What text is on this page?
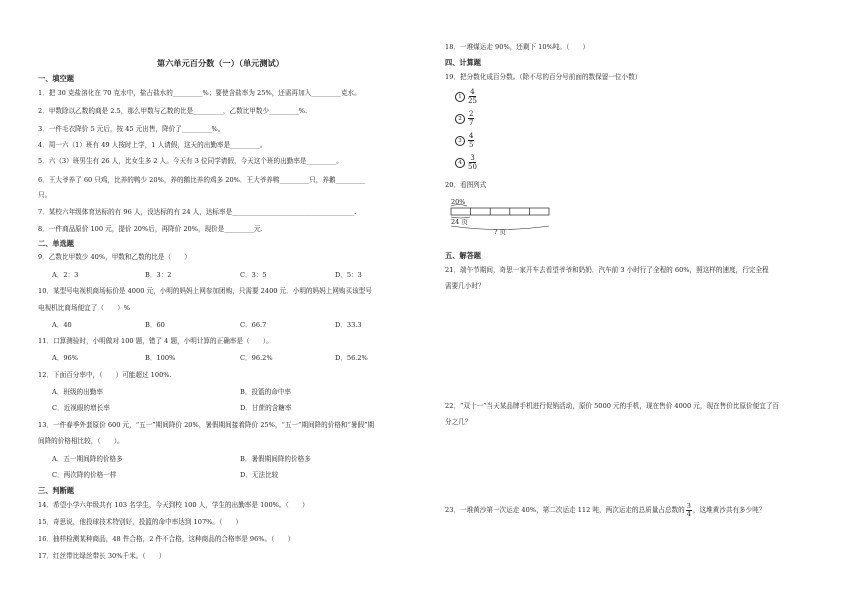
第六单元百分数（一）（单元测试）
一、填空题
1．把 30 克盐溶化在 70 克水中，盐占盐水的_________%；要使含盐率为 25%，还需再加入_________克水。
2．甲数除以乙数的商是 2.5，那么甲数与乙数的比是_________，乙数比甲数少_________%.
3．一件毛衣降价 5 元后，按 45 元出售，降价了_________%。
4．周一六（1）班有 49 人按时上学，1 人请假，这天的出勤率是_________。
5．六（3）班男生有 26 人，比女生多 2 人。今天有 3 位同学请假，今天这个班的出勤率是_________。
6．王大爷养了 60 只鸡，比养的鸭少 20%，养的鹅比养的鸡多 20%．王大爷养鸭_________只，养鹅_________
只。
7．某校六年级体育达标的有 96 人，没达标的有 24 人，达标率是_____________________________________.
8．一件商品原价 100 元，提价 20%后，再降价 20%，现价是_________元.
二、单选题
9．乙数比甲数少 40%，甲数和乙数的比是（　　）
A．2：3	B．3：2	C．3：5	D．5：3
10．某型号电视机商场标价是 4000 元，小明的妈妈上网参加团购，只需要 2400 元．小明的妈妈上网购买该型号
电视机比商场便宜了（　　）%
A．40	B．60	C．66.7	D．33.3
11．口算测验时，小明做对 100 题，错了 4 题，小明计算的正确率是（　　）。
A．96%	B．100%	C．96.2%	D．56.2%
12．下面百分率中，（　　）可能超过 100%.
A．班级的出勤率	B．投篮的命中率
C．近视眼的增长率	D．甘蔗的含糖率
13．一件春季外套原价 600 元，“五一”期间降价 20%，暑假期间接着降价 25%，“五一”期间降的价格和“暑假”期
间降的价格相比较，（　　）。
A．五一期间降的价格多	B．暑假期间降的价格多
C．两次降的价格一样	D．无法比较
三、判断题
14．希望小学六年级共有 103 名学生，今天到校 100 人，学生的出勤率是 100%。（　　）
15．奇思说，他投球技术特别好，投篮的命中率达到 107%。（　　）
16．抽样检测某种商品，48 件合格，2 件不合格，这种商品的合格率是 96%。（　　）
17．红丝带比绿丝带长 30%千米。（　　）
18．一堆煤运走 90%，还剩下 10%吨。（　　）
四、计算题
19．把分数化成百分数。（除不尽的百分号前面的数保留一位小数）
$1 \frac{4}{25}$
$2 \frac{2}{7}$
$3 \frac{4}{5}$
$4 \frac{3}{50}$
20．看图列式
20%
24 页
? 页
五、解答题
21．端午节期间，奇思一家开车去看望爷爷和奶奶．汽车前 3 小时行了全程的 60%，照这样的速度，行完全程
需要几小时？
22．“双十一”当天某品牌手机进行促销活动，原价 5000 元的手机，现在售价 4000 元，现在售价比原价便宜了百
分之几？
23．一堆黄沙第一次运走 40%，第二次运走 112 吨，两次运走的总质量占总数的 $\frac{3}{4}$ ，这堆黄沙共有多少吨？
